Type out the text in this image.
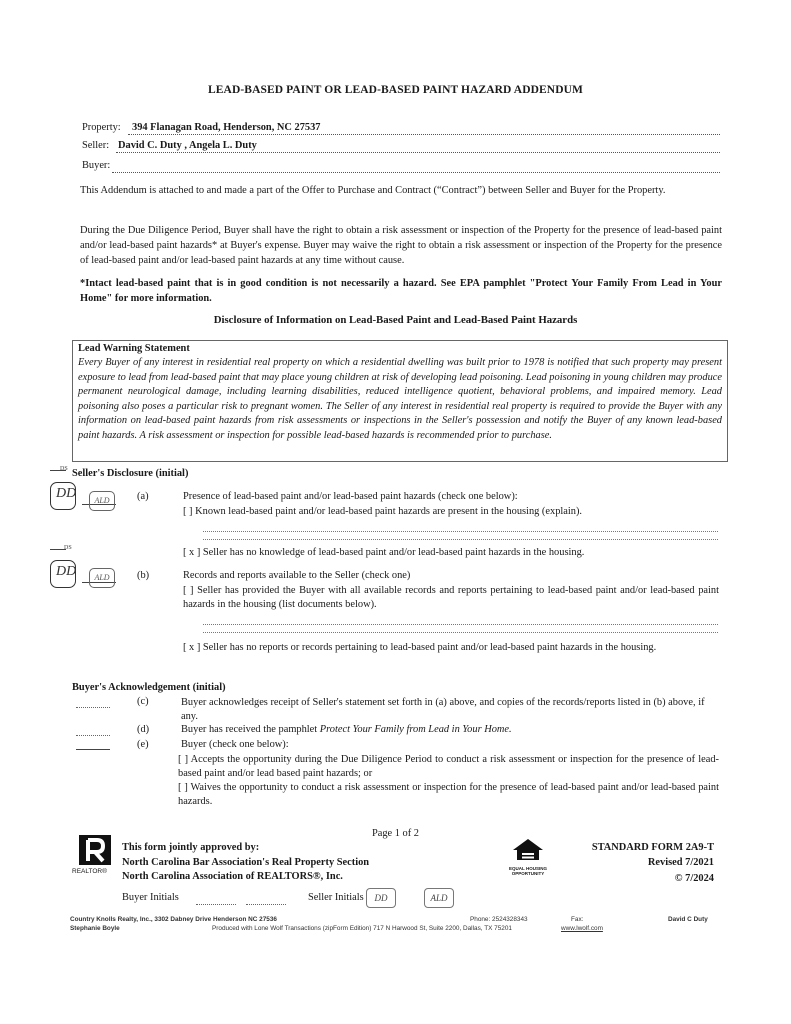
LEAD-BASED PAINT OR LEAD-BASED PAINT HAZARD ADDENDUM
Property: 394 Flanagan Road, Henderson, NC 27537
Seller: David C. Duty , Angela L. Duty
Buyer:
This Addendum is attached to and made a part of the Offer to Purchase and Contract (“Contract”) between Seller and Buyer for the Property.
During the Due Diligence Period, Buyer shall have the right to obtain a risk assessment or inspection of the Property for the presence of lead-based paint and/or lead-based paint hazards* at Buyer's expense. Buyer may waive the right to obtain a risk assessment or inspection of the Property for the presence of lead-based paint and/or lead-based paint hazards at any time without cause.
*Intact lead-based paint that is in good condition is not necessarily a hazard. See EPA pamphlet "Protect Your Family From Lead in Your Home" for more information.
Disclosure of Information on Lead-Based Paint and Lead-Based Paint Hazards
Lead Warning Statement
Every Buyer of any interest in residential real property on which a residential dwelling was built prior to 1978 is notified that such property may present exposure to lead from lead-based paint that may place young children at risk of developing lead poisoning. Lead poisoning in young children may produce permanent neurological damage, including learning disabilities, reduced intelligence quotient, behavioral problems, and impaired memory. Lead poisoning also poses a particular risk to pregnant women. The Seller of any interest in residential real property is required to provide the Buyer with any information on lead-based paint hazards from risk assessments or inspections in the Seller's possession and notify the Buyer of any known lead-based paint hazards. A risk assessment or inspection for possible lead-based hazards is recommended prior to purchase.
DS Seller's Disclosure (initial)
DD	ALD	(a)	Presence of lead-based paint and/or lead-based paint hazards (check one below):
[ ] Known lead-based paint and/or lead-based paint hazards are present in the housing (explain).
[ x ] Seller has no knowledge of lead-based paint and/or lead-based paint hazards in the housing.
DS
DD	ALD	(b)	Records and reports available to the Seller (check one)
[ ] Seller has provided the Buyer with all available records and reports pertaining to lead-based paint and/or lead-based paint hazards in the housing (list documents below).
[ x ] Seller has no reports or records pertaining to lead-based paint and/or lead-based paint hazards in the housing.
Buyer's Acknowledgement (initial)
(c)	Buyer acknowledges receipt of Seller's statement set forth in (a) above, and copies of the records/reports listed in (b) above, if any.
(d)	Buyer has received the pamphlet Protect Your Family from Lead in Your Home.
(e)	Buyer (check one below):
[ ] Accepts the opportunity during the Due Diligence Period to conduct a risk assessment or inspection for the presence of lead-based paint and/or lead based paint hazards; or
[ ] Waives the opportunity to conduct a risk assessment or inspection for the presence of lead-based paint and/or lead-based paint hazards.
Page 1 of 2
REALTOR®
This form jointly approved by:
North Carolina Bar Association's Real Property Section
North Carolina Association of REALTORS®, Inc.
EQUAL HOUSING OPPORTUNITY
STANDARD FORM 2A9-T
Revised 7/2021
© 7/2024
Buyer Initials	Seller Initials	DD	ALD
Country Knolls Realty, Inc., 3302 Dabney Drive Henderson NC 27536
Stephanie Boyle
Phone: 2524328343	Fax:	David C Duty
Produced with Lone Wolf Transactions (zipForm Edition) 717 N Harwood St, Suite 2200, Dallas, TX 75201	www.lwolf.com
